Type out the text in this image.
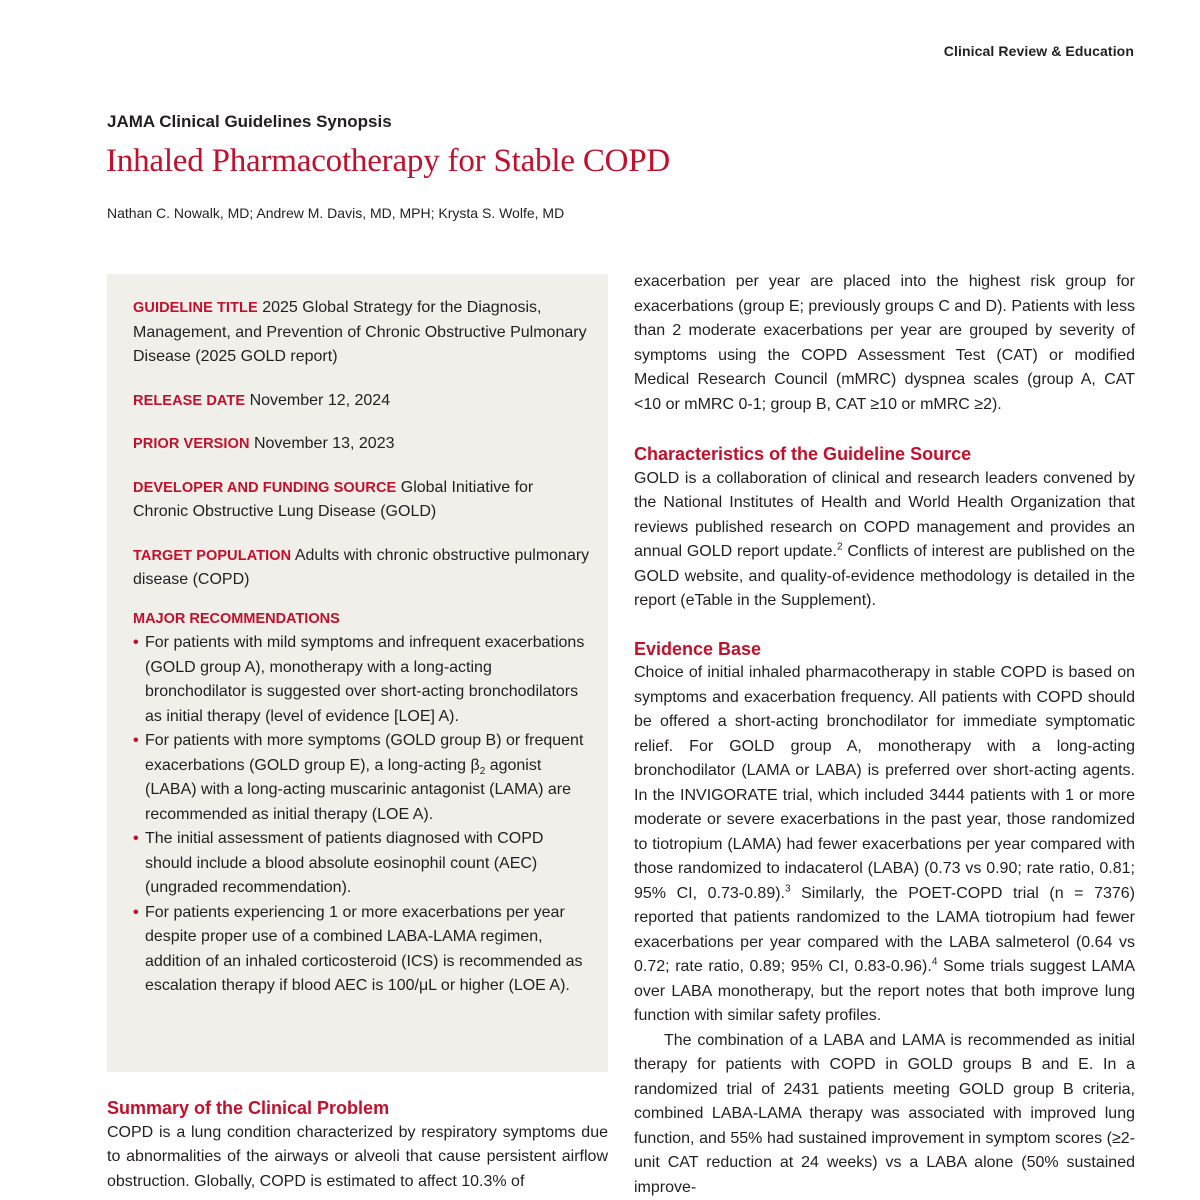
Clinical Review & Education
JAMA Clinical Guidelines Synopsis
Inhaled Pharmacotherapy for Stable COPD
Nathan C. Nowalk, MD; Andrew M. Davis, MD, MPH; Krysta S. Wolfe, MD

GUIDELINE TITLE 2025 Global Strategy for the Diagnosis, Management, and Prevention of Chronic Obstructive Pulmonary Disease (2025 GOLD report)

RELEASE DATE November 12, 2024

PRIOR VERSION November 13, 2023

DEVELOPER AND FUNDING SOURCE Global Initiative for Chronic Obstructive Lung Disease (GOLD)

TARGET POPULATION Adults with chronic obstructive pulmonary disease (COPD)

MAJOR RECOMMENDATIONS

• For patients with mild symptoms and infrequent exacerbations (GOLD group A), monotherapy with a long-acting bronchodilator is suggested over short-acting bronchodilators as initial therapy (level of evidence [LOE] A).
• For patients with more symptoms (GOLD group B) or frequent exacerbations (GOLD group E), a long-acting $\beta_2$ agonist (LABA) with a long-acting muscarinic antagonist (LAMA) are recommended as initial therapy (LOE A).
• The initial assessment of patients diagnosed with COPD should include a blood absolute eosinophil count (AEC) (ungraded recommendation).
• For patients experiencing 1 or more exacerbations per year despite proper use of a combined LABA-LAMA regimen, addition of an inhaled corticosteroid (ICS) is recommended as escalation therapy if blood AEC is 100/μL or higher (LOE A).

Summary of the Clinical Problem

COPD is a lung condition characterized by respiratory symptoms due to abnormalities of the airways or alveoli that cause persistent airflow obstruction. Globally, COPD is estimated to affect 10.3% of

exacerbation per year are placed into the highest risk group for exacerbations (group E; previously groups C and D). Patients with less than 2 moderate exacerbations per year are grouped by severity of symptoms using the COPD Assessment Test (CAT) or modified Medical Research Council (mMRC) dyspnea scales (group A, CAT <10 or mMRC 0-1; group B, CAT ≥10 or mMRC ≥2).

Characteristics of the Guideline Source

GOLD is a collaboration of clinical and research leaders convened by the National Institutes of Health and World Health Organization that reviews published research on COPD management and provides an annual GOLD report update.$^2$ Conflicts of interest are published on the GOLD website, and quality-of-evidence methodology is detailed in the report (eTable in the Supplement).

Evidence Base

Choice of initial inhaled pharmacotherapy in stable COPD is based on symptoms and exacerbation frequency. All patients with COPD should be offered a short-acting bronchodilator for immediate symptomatic relief. For GOLD group A, monotherapy with a long-acting bronchodilator (LAMA or LABA) is preferred over short-acting agents. In the INVIGORATE trial, which included 3444 patients with 1 or more moderate or severe exacerbations in the past year, those randomized to tiotropium (LAMA) had fewer exacerbations per year compared with those randomized to indacaterol (LABA) (0.73 vs 0.90; rate ratio, 0.81; 95% CI, 0.73-0.89).$^3$ Similarly, the POET-COPD trial (n = 7376) reported that patients randomized to the LAMA tiotropium had fewer exacerbations per year compared with the LABA salmeterol (0.64 vs 0.72; rate ratio, 0.89; 95% CI, 0.83-0.96).$^4$ Some trials suggest LAMA over LABA monotherapy, but the report notes that both improve lung function with similar safety profiles.

The combination of a LABA and LAMA is recommended as initial therapy for patients with COPD in GOLD groups B and E. In a randomized trial of 2431 patients meeting GOLD group B criteria, combined LABA-LAMA therapy was associated with improved lung function, and 55% had sustained improvement in symptom scores (≥2-unit CAT reduction at 24 weeks) vs a LABA alone (50% sustained improve-
